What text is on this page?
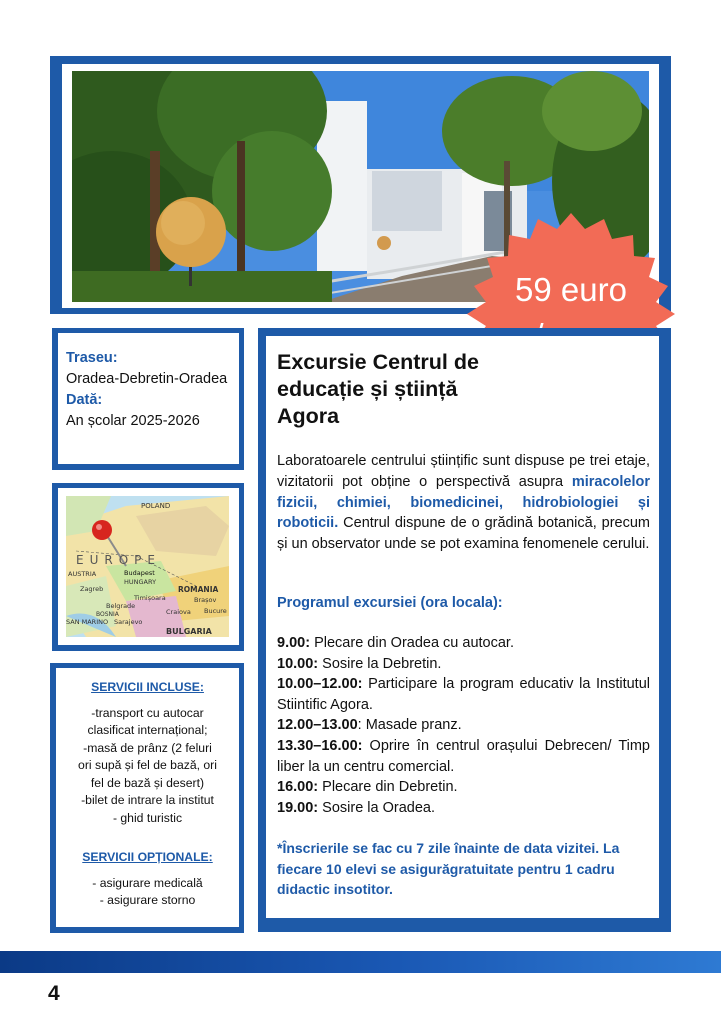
59 euro
Traseu:
Oradea-Debretin-Oradea
Dată:
An școlar 2025-2026
POLAND
EUROPE
AUSTRIA
HUNGARY
Budapest
ROMANIA
Timișoara
Belgrade
Zagreb
Craiova
Sarajevo
BULGARIA
SAN MARINO
BOSNIA
Brașov
Bucure
SERVICII INCLUSE:
-transport cu autocar
clasificat internațional;
-masă de prânz (2 feluri
ori supă și fel de bază, ori
fel de bază și desert)
-bilet de intrare la institut
- ghid turistic
SERVICII OPȚIONALE:
- asigurare medicală
- asigurare storno
Excursie Centrul de educație și știință Agora
Laboratoarele centrului științific sunt dispuse pe trei etaje, vizitatorii pot obține o perspectivă asupra miracolelor fizicii, chimiei, biomedicinei, hidrobiologiei și roboticii. Centrul dispune de o grădină botanică, precum și un observator unde se pot examina fenomenele cerului.
Programul excursiei (ora locala):
9.00: Plecare din Oradea cu autocar.
10.00: Sosire la Debretin.
10.00–12.00: Participare la program educativ la Institutul Stiintific Agora.
12.00–13.00: Masade pranz.
13.30–16.00: Oprire în centrul orașului Debrecen/ Timp liber la un centru comercial.
16.00: Plecare din Debretin.
19.00: Sosire la Oradea.
*Înscrierile se fac cu 7 zile înainte de data vizitei. La fiecare 10 elevi se asigurăgratuitate pentru 1 cadru didactic insotitor.
4
